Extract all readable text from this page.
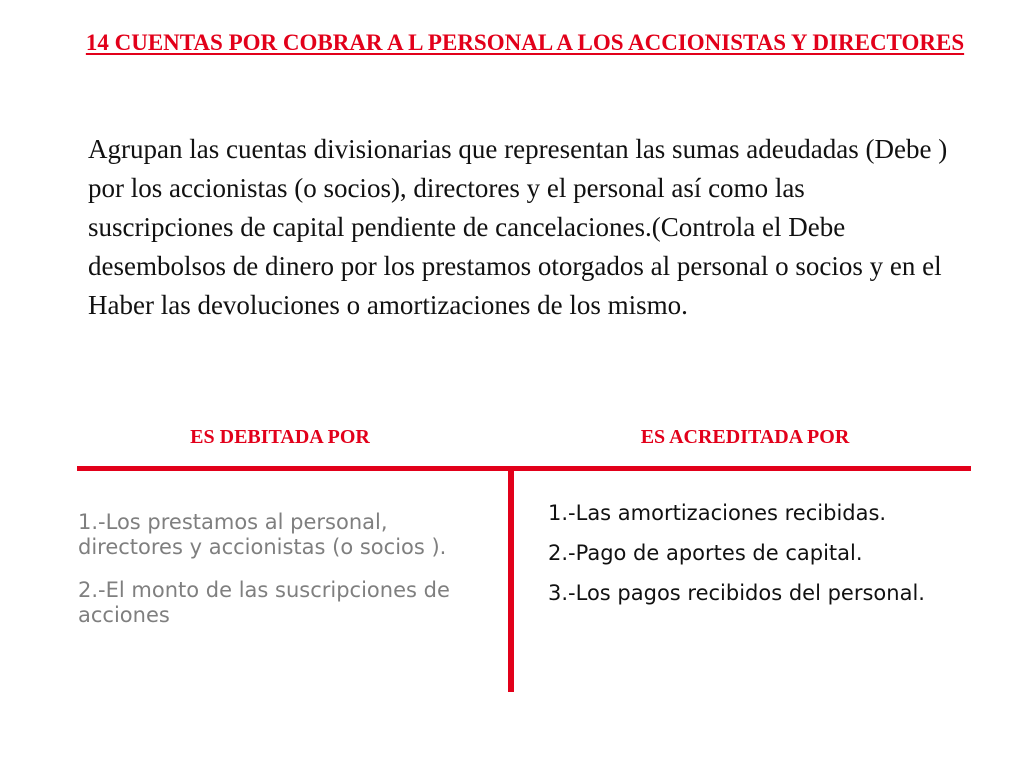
14 CUENTAS POR COBRAR A L PERSONAL A LOS ACCIONISTAS Y DIRECTORES

Agrupan las cuentas divisionarias que representan las sumas adeudadas (Debe ) por los accionistas (o socios), directores y el personal así como las suscripciones de capital pendiente de cancelaciones.(Controla el Debe desembolsos de dinero por los prestamos otorgados al personal o socios y en el Haber las devoluciones o amortizaciones de los mismo.

ES DEBITADA POR	ES ACREDITADA POR
1.-Los prestamos al personal, directores y accionistas (o socios ).
2.-El monto de las suscripciones de acciones
1.-Las amortizaciones recibidas.
2.-Pago de aportes de capital.
3.-Los pagos recibidos del personal.
